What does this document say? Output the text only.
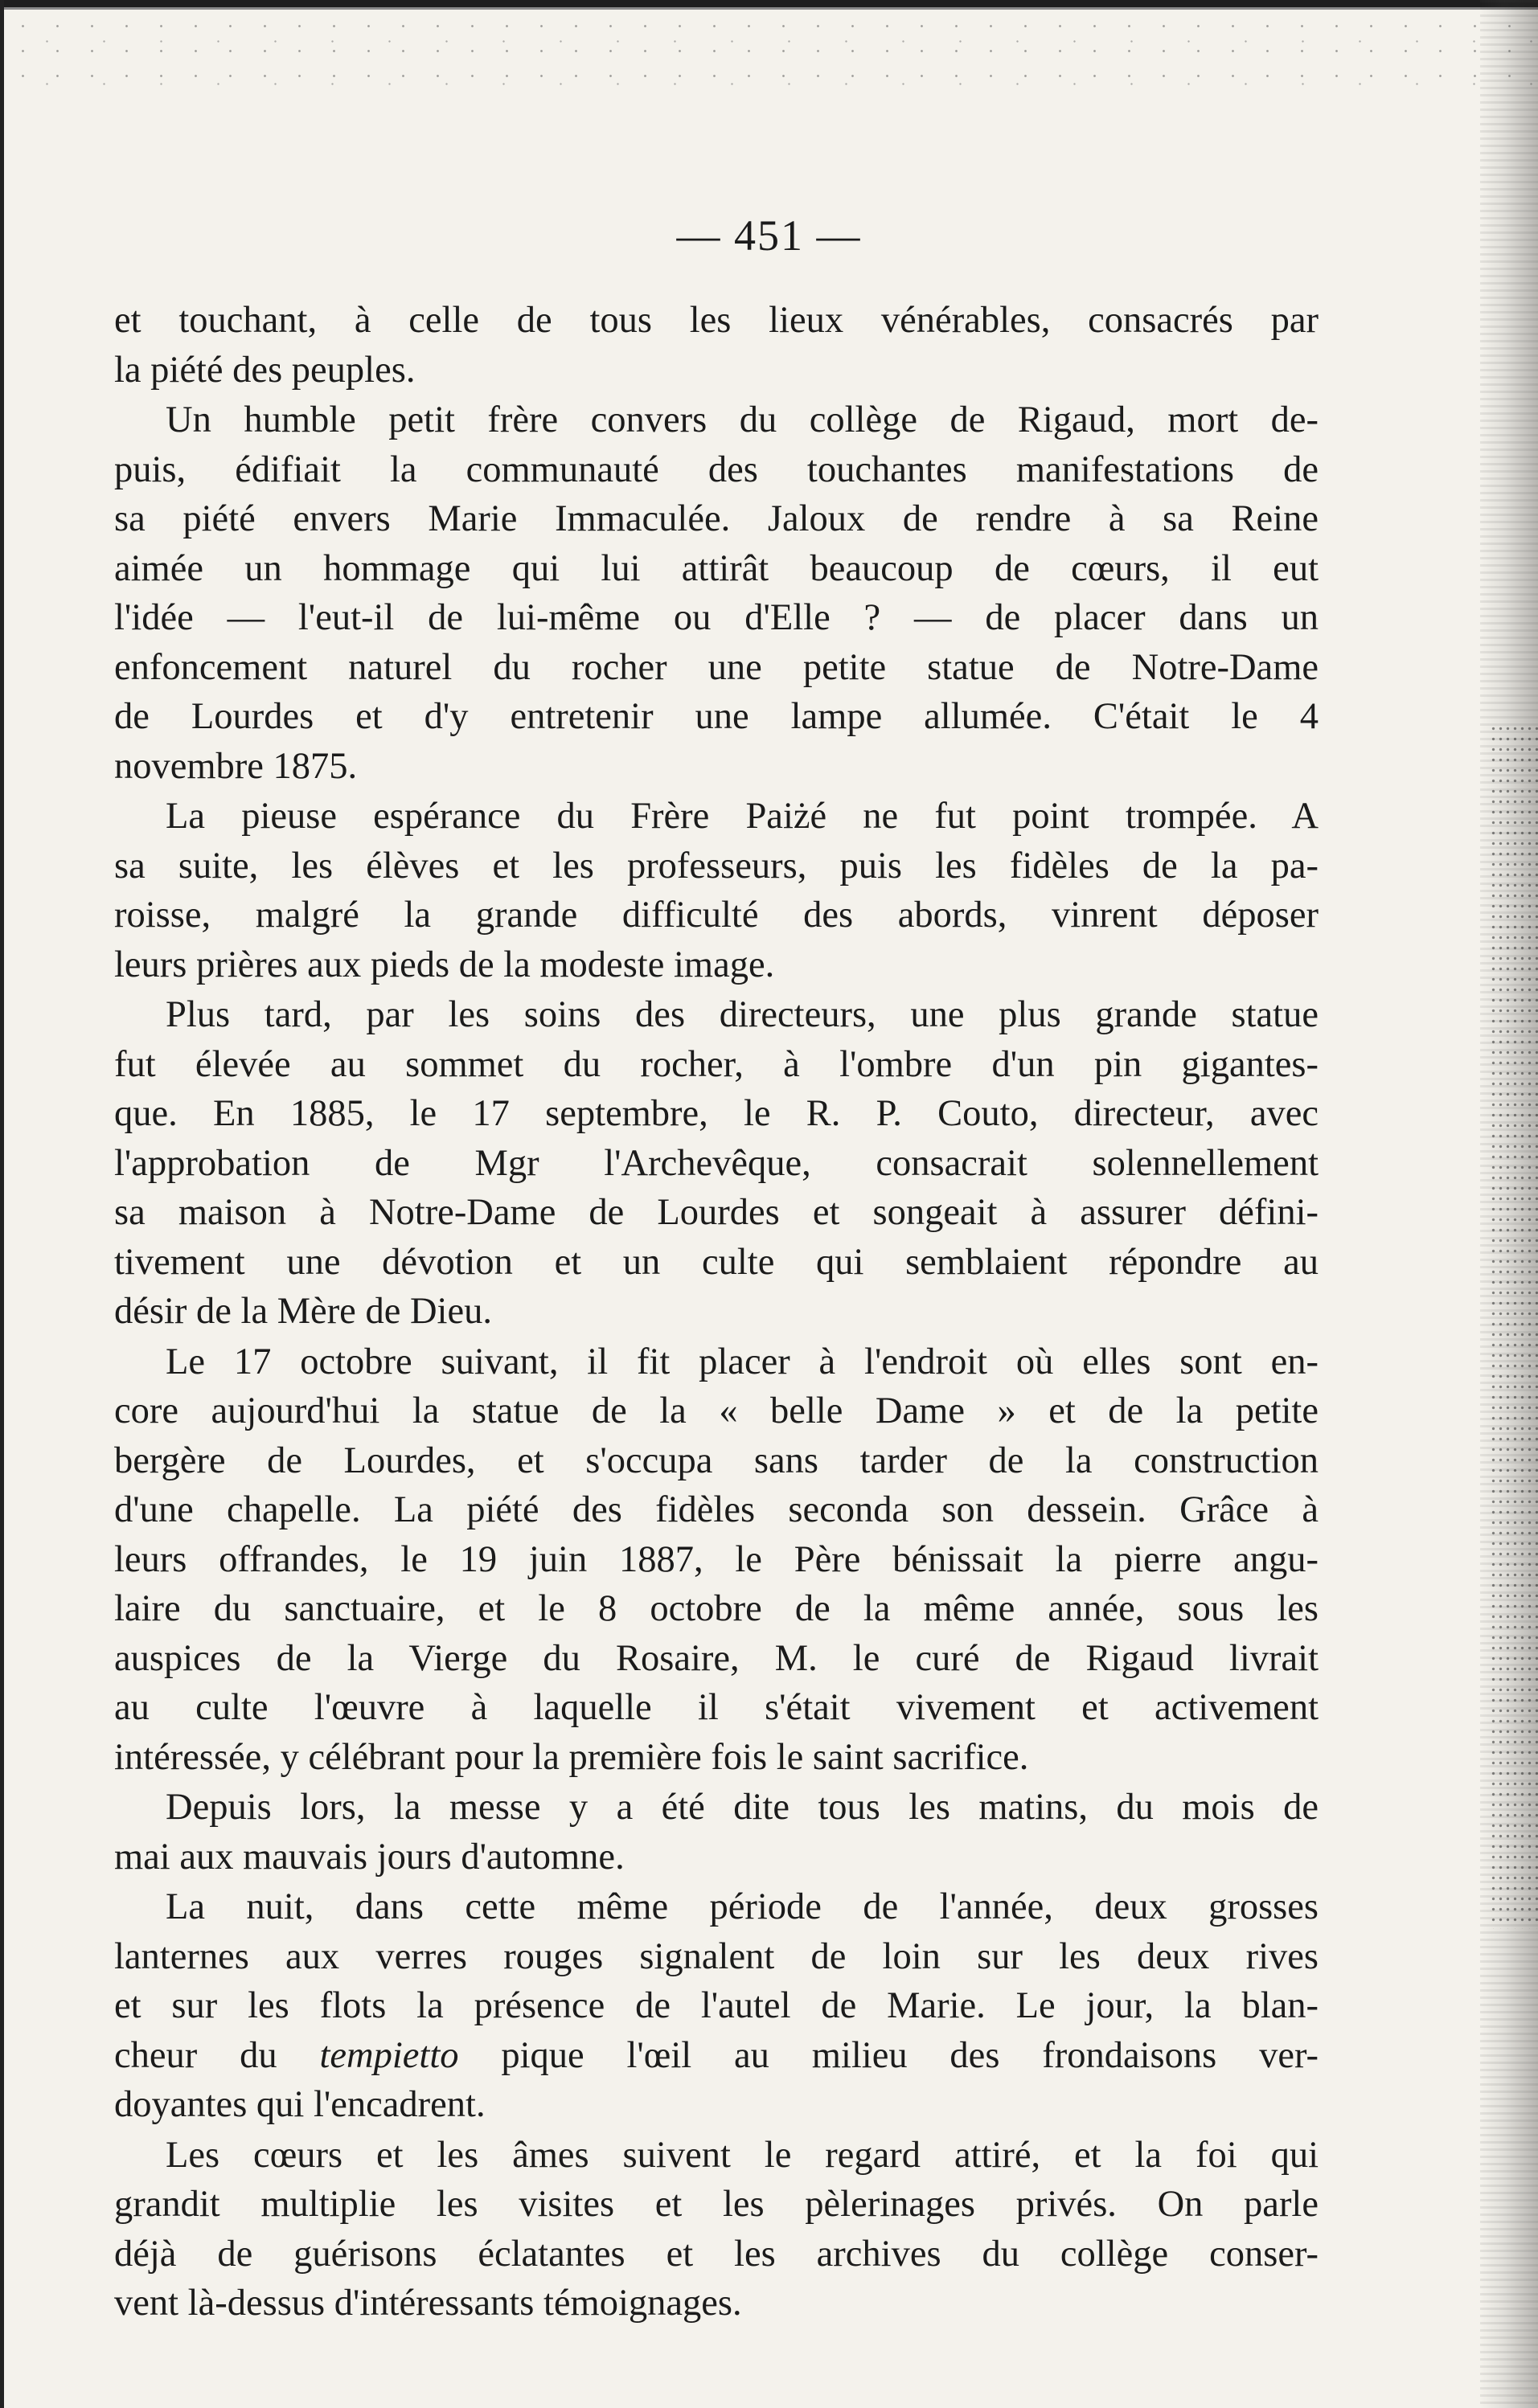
— 451 —

et touchant, à celle de tous les lieux vénérables, consacrés par
la piété des peuples.

Un humble petit frère convers du collège de Rigaud, mort de-
puis, édifiait la communauté des touchantes manifestations de
sa piété envers Marie Immaculée. Jaloux de rendre à sa Reine
aimée un hommage qui lui attirât beaucoup de cœurs, il eut
l'idée — l'eut-il de lui-même ou d'Elle ? — de placer dans un
enfoncement naturel du rocher une petite statue de Notre-Dame
de Lourdes et d'y entretenir une lampe allumée. C'était le 4
novembre 1875.

La pieuse espérance du Frère Paiżé ne fut point trompée. A
sa suite, les élèves et les professeurs, puis les fidèles de la pa-
roisse, malgré la grande difficulté des abords, vinrent déposer
leurs prières aux pieds de la modeste image.

Plus tard, par les soins des directeurs, une plus grande statue
fut élevée au sommet du rocher, à l'ombre d'un pin gigantes-
que. En 1885, le 17 septembre, le R. P. Couto, directeur, avec
l'approbation de Mgr l'Archevêque, consacrait solennellement
sa maison à Notre-Dame de Lourdes et songeait à assurer défini-
tivement une dévotion et un culte qui semblaient répondre au
désir de la Mère de Dieu.

Le 17 octobre suivant, il fit placer à l'endroit où elles sont en-
core aujourd'hui la statue de la « belle Dame » et de la petite
bergère de Lourdes, et s'occupa sans tarder de la construction
d'une chapelle. La piété des fidèles seconda son dessein. Grâce à
leurs offrandes, le 19 juin 1887, le Père bénissait la pierre angu-
laire du sanctuaire, et le 8 octobre de la même année, sous les
auspices de la Vierge du Rosaire, M. le curé de Rigaud livrait
au culte l'œuvre à laquelle il s'était vivement et activement
intéressée, y célébrant pour la première fois le saint sacrifice.

Depuis lors, la messe y a été dite tous les matins, du mois de
mai aux mauvais jours d'automne.

La nuit, dans cette même période de l'année, deux grosses
lanternes aux verres rouges signalent de loin sur les deux rives
et sur les flots la présence de l'autel de Marie. Le jour, la blan-
cheur du tempietto pique l'œil au milieu des frondaisons ver-
doyantes qui l'encadrent.

Les cœurs et les âmes suivent le regard attiré, et la foi qui
grandit multiplie les visites et les pèlerinages privés. On parle
déjà de guérisons éclatantes et les archives du collège conser-
vent là-dessus d'intéressants témoignages.
